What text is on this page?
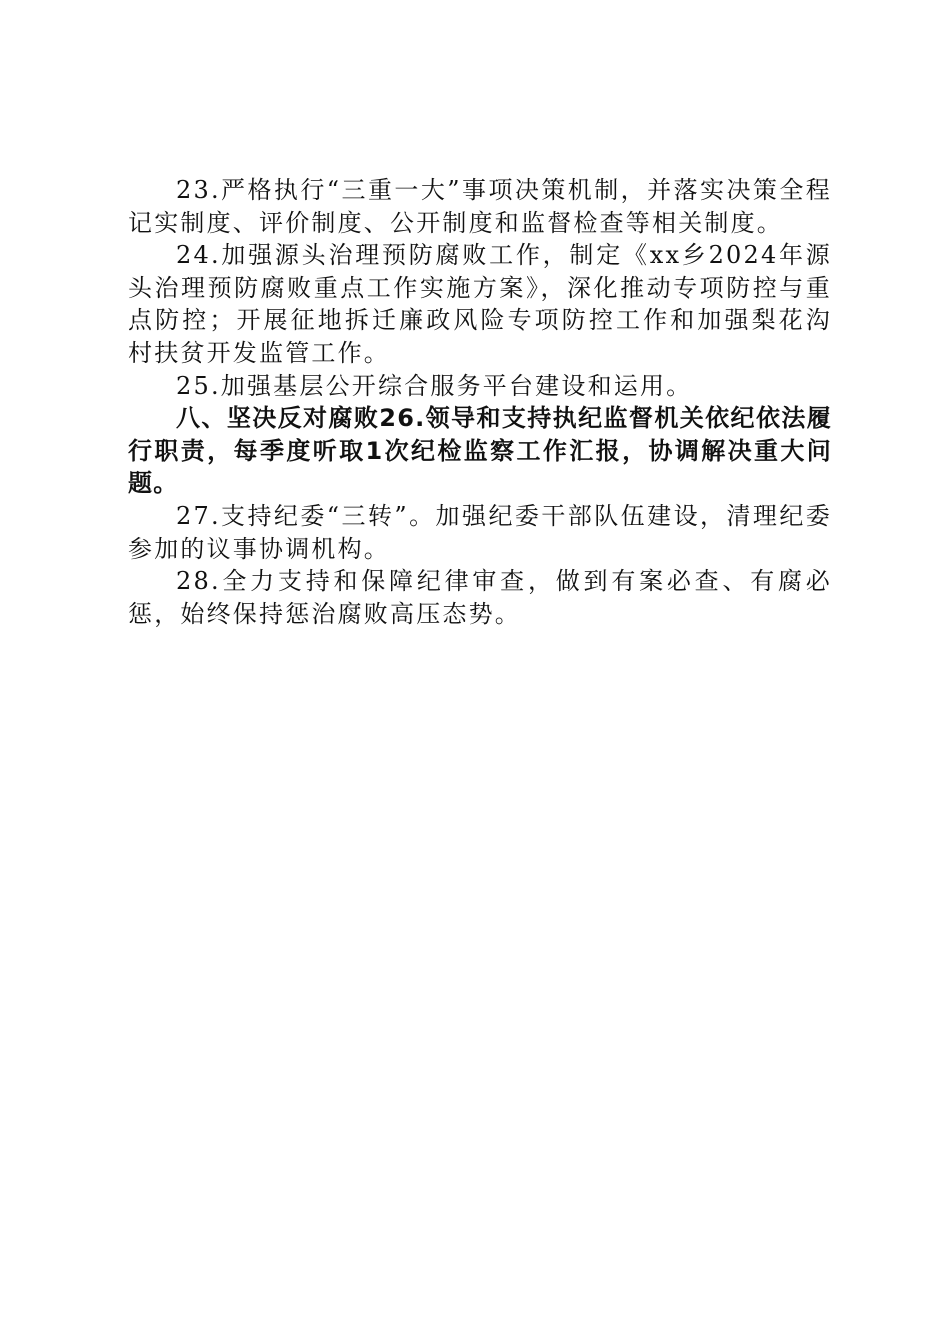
23.严格执行“三重一大”事项决策机制，并落实决策全程记实制度、评价制度、公开制度和监督检查等相关制度。

24.加强源头治理预防腐败工作，制定《xx乡2024年源头治理预防腐败重点工作实施方案》，深化推动专项防控与重点防控；开展征地拆迁廉政风险专项防控工作和加强梨花沟村扶贫开发监管工作。

25.加强基层公开综合服务平台建设和运用。

八、坚决反对腐败26.领导和支持执纪监督机关依纪依法履行职责，每季度听取1次纪检监察工作汇报，协调解决重大问题。

27.支持纪委“三转”。加强纪委干部队伍建设，清理纪委参加的议事协调机构。

28.全力支持和保障纪律审查，做到有案必查、有腐必惩，始终保持惩治腐败高压态势。
